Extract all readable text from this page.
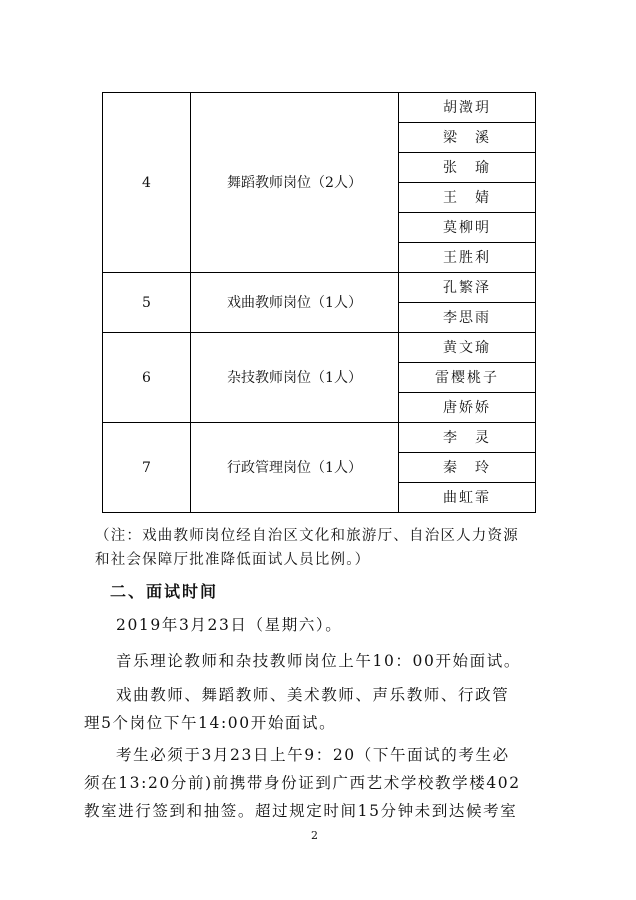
4	舞蹈教师岗位（2人）	胡澂玥
		梁　溪
		张　瑜
		王　婧
		莫柳明
		王胜利
5	戏曲教师岗位（1人）	孔繁泽
		李思雨
6	杂技教师岗位（1人）	黄文瑜
		雷樱桃子
		唐娇娇
7	行政管理岗位（1人）	李　灵
		秦　玲
		曲虹霏
（注：戏曲教师岗位经自治区文化和旅游厅、自治区人力资源
和社会保障厅批准降低面试人员比例。）
二、面试时间
2019年3月23日（星期六）。
音乐理论教师和杂技教师岗位上午10：00开始面试。
戏曲教师、舞蹈教师、美术教师、声乐教师、行政管
理5个岗位下午14:00开始面试。
考生必须于3月23日上午9：20（下午面试的考生必
须在13:20分前)前携带身份证到广西艺术学校教学楼402
教室进行签到和抽签。超过规定时间15分钟未到达候考室
2
